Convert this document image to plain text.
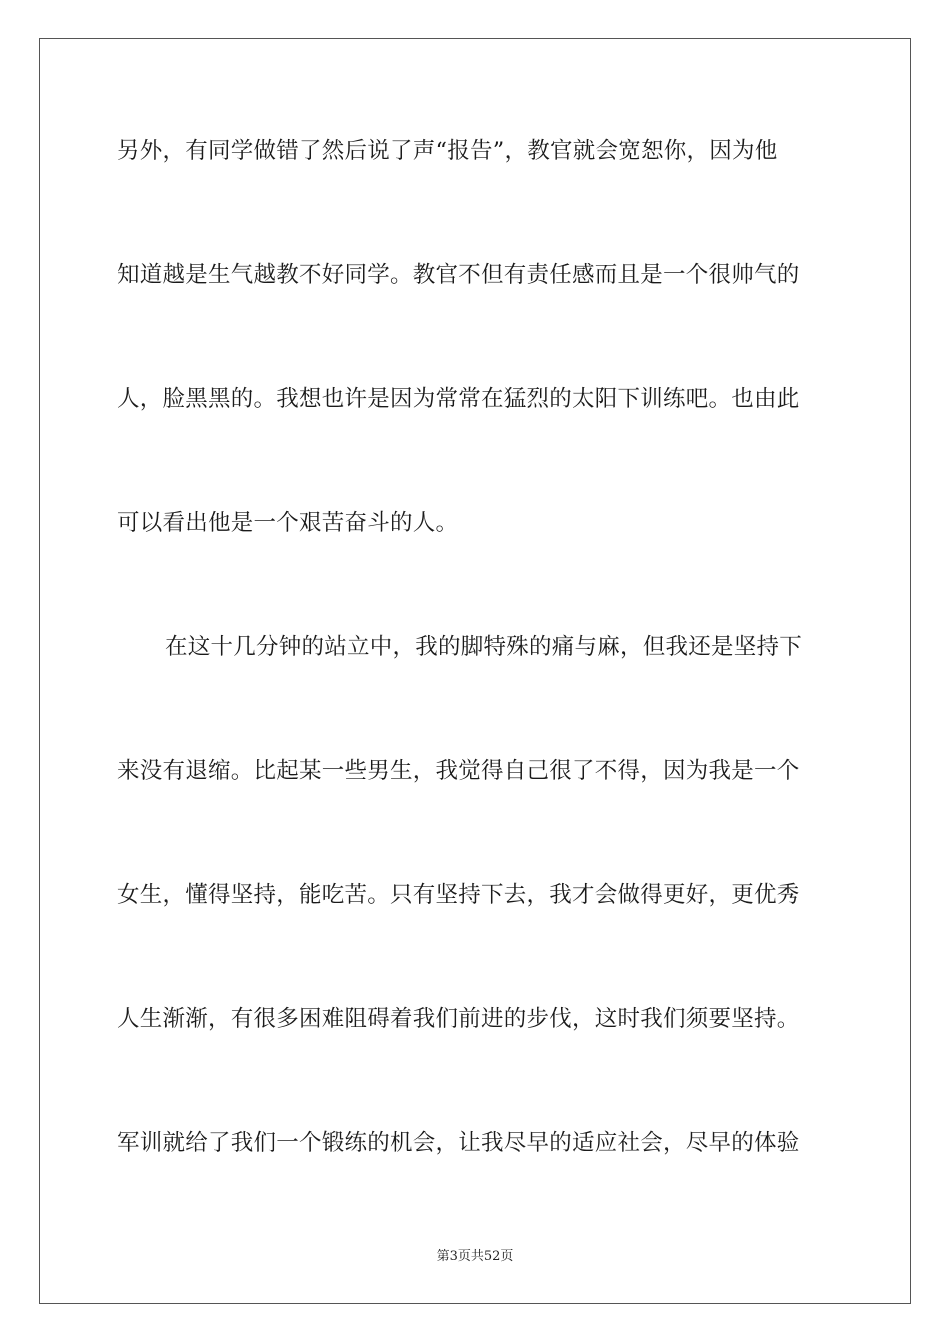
另外，有同学做错了然后说了声“报告”，教官就会宽恕你，因为他
知道越是生气越教不好同学。教官不但有责任感而且是一个很帅气的
人，脸黑黑的。我想也许是因为常常在猛烈的太阳下训练吧。也由此
可以看出他是一个艰苦奋斗的人。
在这十几分钟的站立中，我的脚特殊的痛与麻，但我还是坚持下
来没有退缩。比起某一些男生，我觉得自己很了不得，因为我是一个
女生，懂得坚持，能吃苦。只有坚持下去，我才会做得更好，更优秀
人生渐渐，有很多困难阻碍着我们前进的步伐，这时我们须要坚持。
军训就给了我们一个锻练的机会，让我尽早的适应社会，尽早的体验
第3页共52页
